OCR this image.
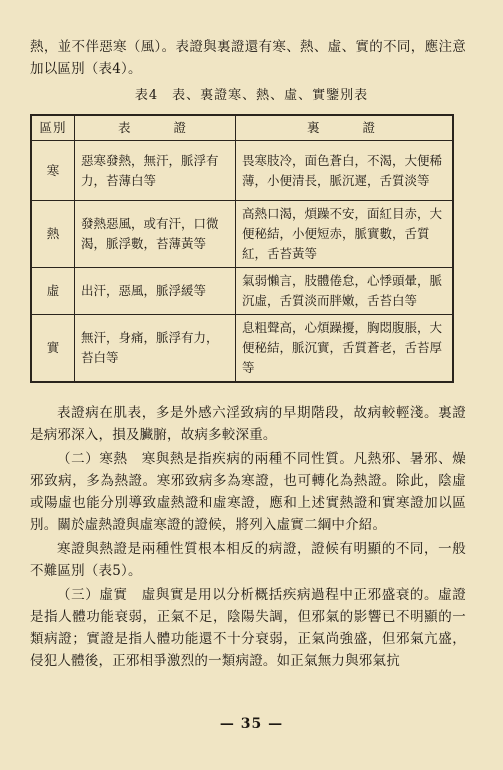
熱，並不伴惡寒（風）。表證與裏證還有寒、熱、虛、實的不同，應注意加以區別（表4）。

表4　表、裏證寒、熱、虛、實鑒別表
區別	表　　證	裏　　證
寒	惡寒發熱，無汗，脈浮有力，苔薄白等	畏寒肢冷，面色蒼白，不渴，大便稀薄，小便清長，脈沉遲，舌質淡等
熱	發熱惡風，或有汗，口微渴，脈浮數，苔薄黃等	高熱口渴，煩躁不安，面紅目赤，大便秘結，小便短赤，脈實數，舌質紅，舌苔黃等
虛	出汗，惡風，脈浮緩等	氣弱懶言，肢體倦怠，心悸頭暈，脈沉虛，舌質淡而胖嫩，舌苔白等
實	無汗，身痛，脈浮有力，苔白等	息粗聲高，心煩躁擾，胸悶腹脹，大便秘結，脈沉實，舌質蒼老，舌苔厚等

表證病在肌表，多是外感六淫致病的早期階段，故病較輕淺。裏證是病邪深入，損及臟腑，故病多較深重。

（二）寒熱　寒與熱是指疾病的兩種不同性質。凡熱邪、暑邪、燥邪致病，多為熱證。寒邪致病多為寒證，也可轉化為熱證。除此，陰虛或陽虛也能分別導致虛熱證和虛寒證，應和上述實熱證和實寒證加以區別。關於虛熱證與虛寒證的證候，將列入虛實二綱中介紹。

寒證與熱證是兩種性質根本相反的病證，證候有明顯的不同，一般不難區別（表5）。

（三）虛實　虛與實是用以分析概括疾病過程中正邪盛衰的。虛證是指人體功能衰弱，正氣不足，陰陽失調，但邪氣的影響已不明顯的一類病證；實證是指人體功能還不十分衰弱，正氣尚強盛，但邪氣亢盛，侵犯人體後，正邪相爭激烈的一類病證。如正氣無力與邪氣抗

— 35 —
